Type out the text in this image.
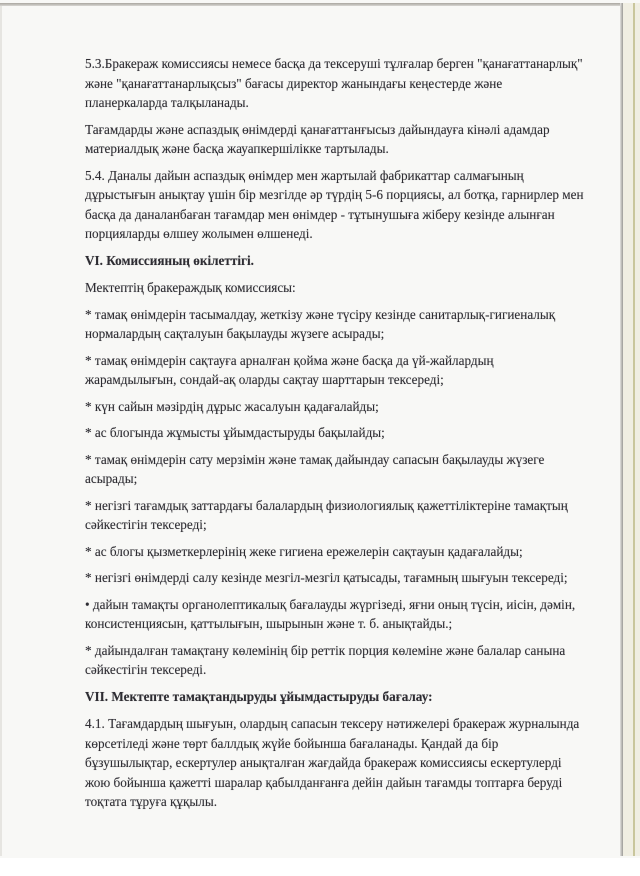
5.3.Бракераж комиссиясы немесе басқа да тексеруші тұлғалар берген "қанағаттанарлық" және "қанағаттанарлықсыз" бағасы директор жанындағы кеңестерде және планеркаларда талқыланады.

Тағамдарды және аспаздық өнімдерді қанағаттанғысыз дайындауға кінәлі адамдар материалдық және басқа жауапкершілікке тартылады.

5.4. Даналы дайын аспаздық өнімдер мен жартылай фабрикаттар салмағының дұрыстығын анықтау үшін бір мезгілде әр түрдің 5-6 порциясы, ал ботқа, гарнирлер мен басқа да даналанбаған тағамдар мен өнімдер - тұтынушыға жіберу кезінде алынған порцияларды өлшеу жолымен өлшенеді.

VI. Комиссияның өкілеттігі.

Мектептің бракераждық комиссиясы:

* тамақ өнімдерін тасымалдау, жеткізу және түсіру кезінде санитарлық-гигиеналық нормалардың сақталуын бақылауды жүзеге асырады;

* тамақ өнімдерін сақтауға арналған қойма және басқа да үй-жайлардың жарамдылығын, сондай-ақ оларды сақтау шарттарын тексереді;

* күн сайын мәзірдің дұрыс жасалуын қадағалайды;

* ас блогында жұмысты ұйымдастыруды бақылайды;

* тамақ өнімдерін сату мерзімін және тамақ дайындау сапасын бақылауды жүзеге асырады;

* негізгі тағамдық заттардағы балалардың физиологиялық қажеттіліктеріне тамақтың сәйкестігін тексереді;

* ас блогы қызметкерлерінің жеке гигиена ережелерін сақтауын қадағалайды;

* негізгі өнімдерді салу кезінде мезгіл-мезгіл қатысады, тағамның шығуын тексереді;

• дайын тамақты органолептикалық бағалауды жүргізеді, яғни оның түсін, иісін, дәмін, консистенциясын, қаттылығын, шырынын және т. б. анықтайды.;

* дайындалған тамақтану көлемінің бір реттік порция көлеміне және балалар санына сәйкестігін тексереді.

VII. Мектепте тамақтандыруды ұйымдастыруды бағалау:

4.1. Тағамдардың шығуын, олардың сапасын тексеру нәтижелері бракераж журналында көрсетіледі және төрт баллдық жүйе бойынша бағаланады. Қандай да бір бұзушылықтар, ескертулер анықталған жағдайда бракераж комиссиясы ескертулерді жою бойынша қажетті шаралар қабылданғанға дейін дайын тағамды топтарға беруді тоқтата тұруға құқылы.
